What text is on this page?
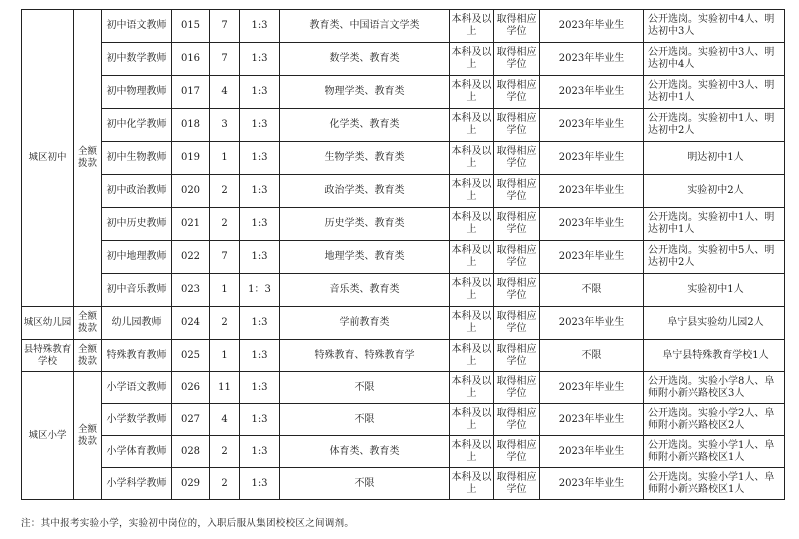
城区初中	全额拨款	初中语文教师	015	7	1:3	教育类、中国语言文学类	本科及以上	取得相应学位	2023年毕业生	公开选岗。实验初中4人、明达初中3人
		初中数学教师	016	7	1:3	数学类、教育类	本科及以上	取得相应学位	2023年毕业生	公开选岗。实验初中3人、明达初中4人
		初中物理教师	017	4	1:3	物理学类、教育类	本科及以上	取得相应学位	2023年毕业生	公开选岗。实验初中3人、明达初中1人
		初中化学教师	018	3	1:3	化学类、教育类	本科及以上	取得相应学位	2023年毕业生	公开选岗。实验初中1人、明达初中2人
		初中生物教师	019	1	1:3	生物学类、教育类	本科及以上	取得相应学位	2023年毕业生	明达初中1人
		初中政治教师	020	2	1:3	政治学类、教育类	本科及以上	取得相应学位	2023年毕业生	实验初中2人
		初中历史教师	021	2	1:3	历史学类、教育类	本科及以上	取得相应学位	2023年毕业生	公开选岗。实验初中1人、明达初中1人
		初中地理教师	022	7	1:3	地理学类、教育类	本科及以上	取得相应学位	2023年毕业生	公开选岗。实验初中5人、明达初中2人
		初中音乐教师	023	1	1：3	音乐类、教育类	本科及以上	取得相应学位	不限	实验初中1人
城区幼儿园	全额拨款	幼儿园教师	024	2	1:3	学前教育类	本科及以上	取得相应学位	2023年毕业生	阜宁县实验幼儿园2人
县特殊教育学校	全额拨款	特殊教育教师	025	1	1:3	特殊教育、特殊教育学	本科及以上	取得相应学位	不限	阜宁县特殊教育学校1人
城区小学	全额拨款	小学语文教师	026	11	1:3	不限	本科及以上	取得相应学位	2023年毕业生	公开选岗。实验小学8人、阜师附小新兴路校区3人
		小学数学教师	027	4	1:3	不限	本科及以上	取得相应学位	2023年毕业生	公开选岗。实验小学2人、阜师附小新兴路校区2人
		小学体育教师	028	2	1:3	体育类、教育类	本科及以上	取得相应学位	2023年毕业生	公开选岗。实验小学1人、阜师附小新兴路校区1人
		小学科学教师	029	2	1:3	不限	本科及以上	取得相应学位	2023年毕业生	公开选岗。实验小学1人、阜师附小新兴路校区1人
注：其中报考实验小学，实验初中岗位的，入职后服从集团校校区之间调剂。
